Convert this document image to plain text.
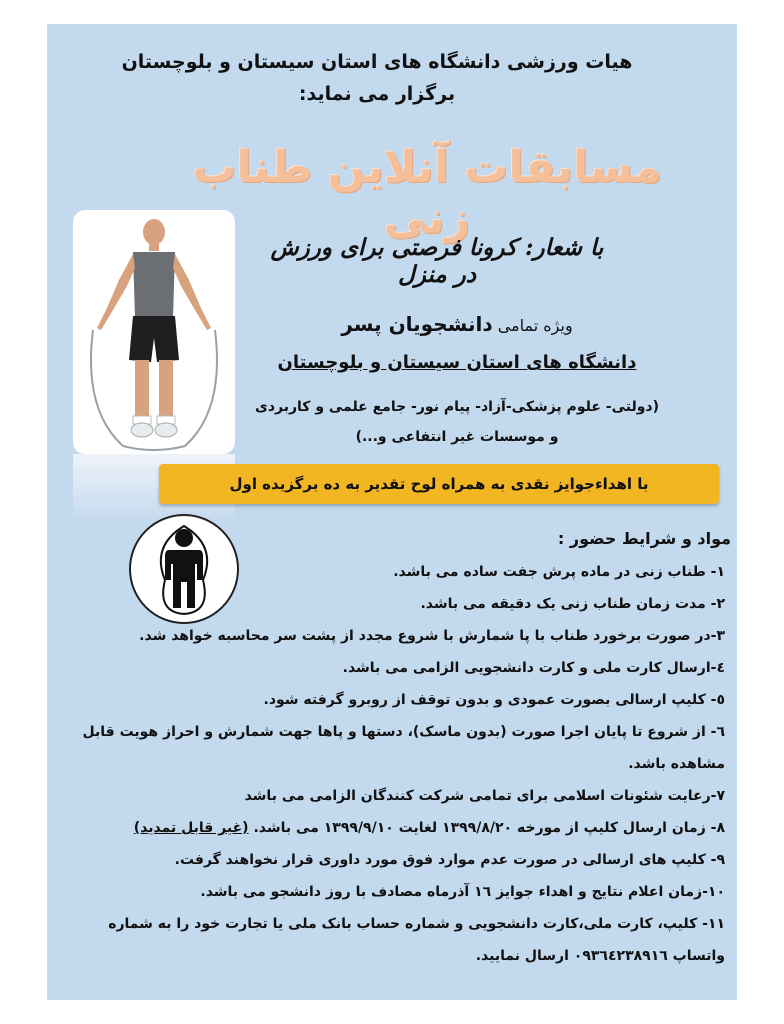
هیات ورزشی دانشگاه های استان سیستان و بلوچستان
برگزار می نماید:
مسابقات آنلاین طناب زنی
با شعار: کرونا فرصتی برای ورزش در منزل
ویژه تمامی دانشجویان پسر
دانشگاه های استان سیستان و بلوچستان
(دولتی- علوم پزشکی-آزاد- پیام نور- جامع علمی و کاربردی
و موسسات غیر انتفاعی و...)
با اهداءجوایز نقدی به همراه لوح تقدیر به ده برگزیده اول
مواد و شرایط حضور :

۱- طناب زنی در ماده پرش جفت ساده می باشد.

۲- مدت زمان طناب زنی یک دقیقه می باشد.

۳-در صورت برخورد طناب با پا شمارش با شروع مجدد از پشت سر محاسبه خواهد شد.

٤-ارسال کارت ملی و کارت دانشجویی الزامی می باشد.

٥- کلیپ ارسالی بصورت عمودی و بدون توقف از روبرو گرفته شود.

٦- از شروع تا پایان اجرا صورت (بدون ماسک)، دستها و پاها جهت شمارش و احراز هویت قابل مشاهده باشد.

۷-رعایت شئونات اسلامی برای تمامی شرکت کنندگان الزامی می باشد

۸- زمان ارسال کلیپ از مورخه ۱۳۹۹/۸/۲۰ لغایت ۱۳۹۹/۹/۱۰ می باشد. (غیر قابل تمدید)

۹- کلیپ های ارسالی در صورت عدم موارد فوق مورد داوری قرار نخواهند گرفت.

۱۰-زمان اعلام نتایج و اهداء جوایز ١٦ آذرماه مصادف با روز دانشجو می باشد.

۱۱- کلیپ، کارت ملی،کارت دانشجویی و شماره حساب بانک ملی یا تجارت خود را به شماره واتساپ ۰۹۳٦٤۲۳۸۹۱٦ ارسال نمایید.
